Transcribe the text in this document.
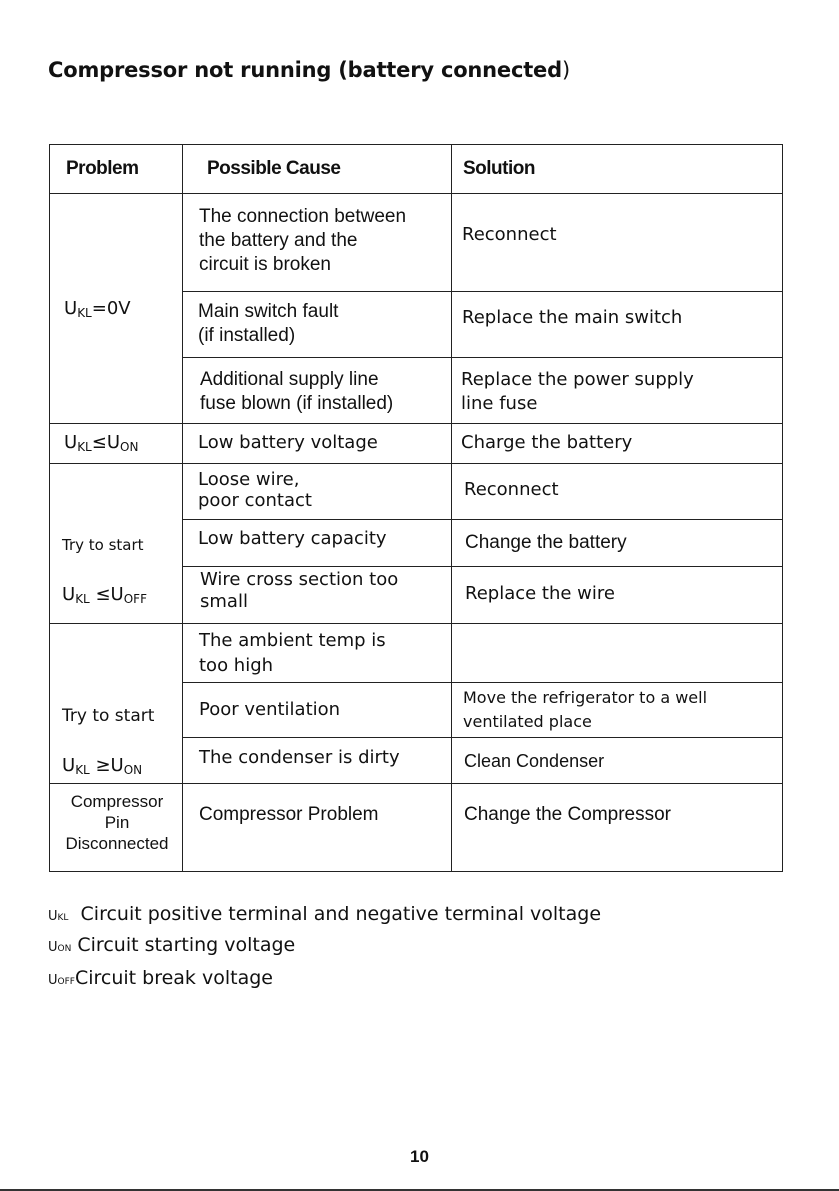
Compressor not running (battery connected)
Problem	Possible Cause	Solution
$U_{KL}=0V$
$U_{KL}\le U_{ON}$

Try to start

$U_{KL} \le U_{OFF}$

Try to start

$U_{KL} \ge U_{ON}$

Compressor
Pin
Disconnected
The connection between
the battery and the
circuit is broken
Main switch fault
(if installed)
Additional supply line
fuse blown (if installed)
Low battery voltage
Loose wire,
poor contact
Low battery capacity
Wire cross section too
small
The ambient temp is
too high
Poor ventilation
The condenser is dirty
Compressor Problem
Reconnect
Replace the main switch
Replace the power supply
line fuse
Charge the battery
Reconnect
Change the battery
Replace the wire
Move the refrigerator to a well
ventilated place
Clean Condenser
Change the Compressor
UKL Circuit positive terminal and negative terminal voltage
UON Circuit starting voltage
UOFFCircuit break voltage
10
